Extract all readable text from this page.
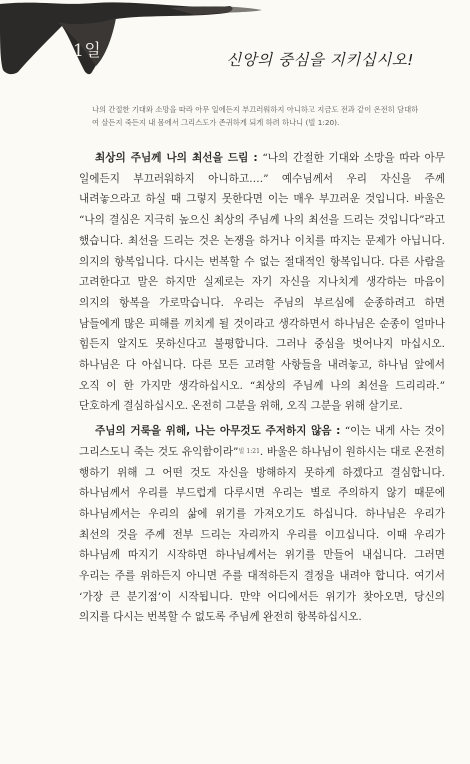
1일	신앙의 중심을 지키십시오!

나의 간절한 기대와 소망을 따라 아무 일에든지 부끄러워하지 아니하고 지금도 전과 같이 온전히 담대하여 살든지 죽든지 내 몸에서 그리스도가 존귀하게 되게 하려 하나니 (빌 1:20).

최상의 주님께 나의 최선을 드림 : “나의 간절한 기대와 소망을 따라 아무 일에든지 부끄러워하지 아니하고….” 예수님께서 우리 자신을 주께 내려놓으라고 하실 때 그렇지 못한다면 이는 매우 부끄러운 것입니다. 바울은 “나의 결심은 지극히 높으신 최상의 주님께 나의 최선을 드리는 것입니다”라고 했습니다. 최선을 드리는 것은 논쟁을 하거나 이치를 따지는 문제가 아닙니다. 의지의 항복입니다. 다시는 번복할 수 없는 절대적인 항복입니다. 다른 사람을 고려한다고 말은 하지만 실제로는 자기 자신을 지나치게 생각하는 마음이 의지의 항복을 가로막습니다. 우리는 주님의 부르심에 순종하려고 하면 남들에게 많은 피해를 끼치게 될 것이라고 생각하면서 하나님은 순종이 얼마나 힘든지 알지도 못하신다고 불평합니다. 그러나 중심을 벗어나지 마십시오. 하나님은 다 아십니다. 다른 모든 고려할 사항들을 내려놓고, 하나님 앞에서 오직 이 한 가지만 생각하십시오. “최상의 주님께 나의 최선을 드리리라.” 단호하게 결심하십시오. 온전히 그분을 위해, 오직 그분을 위해 살기로.

주님의 거룩을 위해, 나는 아무것도 주저하지 않음 : “이는 내게 사는 것이 그리스도니 죽는 것도 유익함이라”빌 1:21. 바울은 하나님이 원하시는 대로 온전히 행하기 위해 그 어떤 것도 자신을 방해하지 못하게 하겠다고 결심합니다. 하나님께서 우리를 부드럽게 다루시면 우리는 별로 주의하지 않기 때문에 하나님께서는 우리의 삶에 위기를 가져오기도 하십니다. 하나님은 우리가 최선의 것을 주께 전부 드리는 자리까지 우리를 이끄십니다. 이때 우리가 하나님께 따지기 시작하면 하나님께서는 위기를 만들어 내십니다. 그러면 우리는 주를 위하든지 아니면 주를 대적하든지 결정을 내려야 합니다. 여기서 ‘가장 큰 분기점’이 시작됩니다. 만약 어디에서든 위기가 찾아오면, 당신의 의지를 다시는 번복할 수 없도록 주님께 완전히 항복하십시오.
